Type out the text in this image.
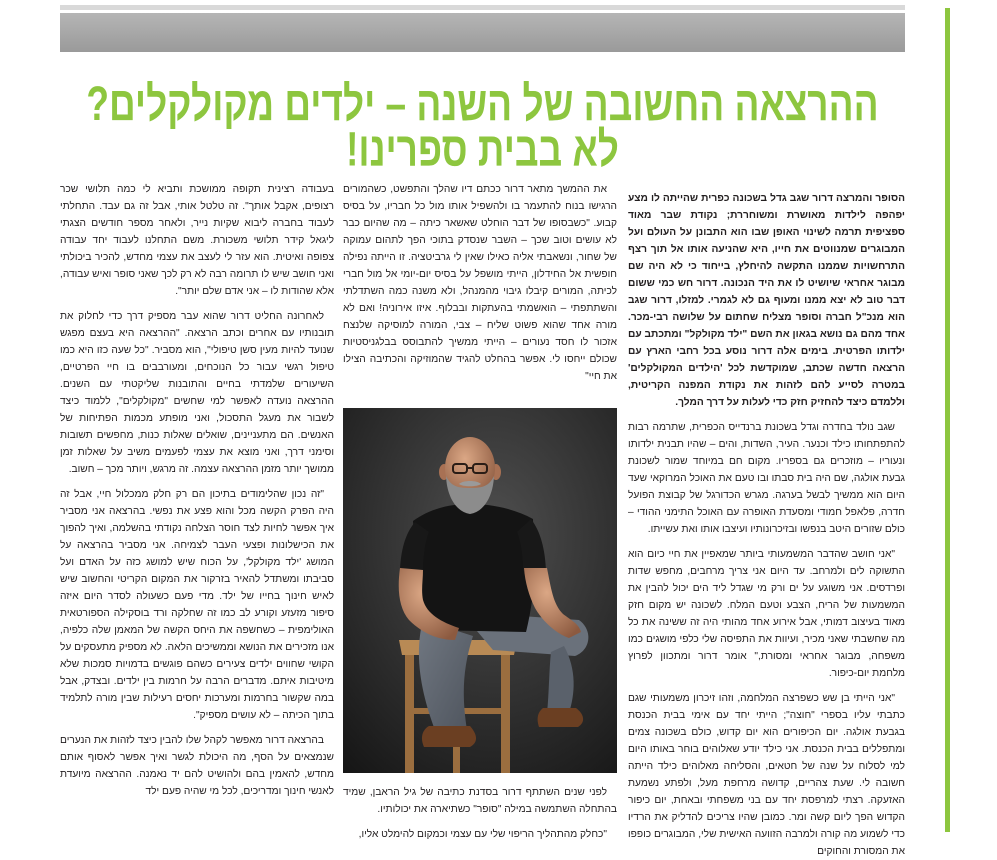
ההרצאה החשובה של השנה – ילדים מקולקלים?
לא בבית ספרינו!

הסופר והמרצה דרור שגב גדל בשכונה כפרית שהייתה לו מצע יפהפה לילדות מאושרת ומשוחררת; נקודת שבר מאוד ספציפית תרמה לשינוי האופן שבו הוא התבונן על העולם ועל המבוגרים שמנווטים את חייו, היא שהניעה אותו אל תוך רצף התרחשויות שממנו התקשה להיחלץ, בייחוד כי לא היה שם מבוגר אחראי שיושיט לו את היד הנכונה. דרור חש כמי ששום דבר טוב לא יצא ממנו ומעוף גם לא לגמרי. למזלו, דרור שגב הוא מנכ"ל חברה וסופר מצליח שחתום על שלושה רבי-מכר. אחד מהם גם נושא בגאון את השם "ילד מקולקל" ומתכתב עם ילדותו הפרטית. בימים אלה דרור נוסע בכל רחבי הארץ עם הרצאה חדשה שכתב, שמוקדשת לכל 'הילדים המקולקלים' במטרה לסייע להם לזהות את נקודת המפנה הקריטית, וללמדם כיצד להחזיק חזק כדי לעלות על דרך המלך.

שגב נולד בחדרה וגדל בשכונת ברנדייס הכפרית, שתרמה רבות להתפתחותו כילד וכנער. העיר, השדות, והים – שהיו תבנית ילדותו ונעוריו – מוזכרים גם בספריו. מקום חם במיוחד שמור לשכונת גבעת אולגה, שם היה בית סבתו ובו טעם את האוכל המרוקאי שעד היום הוא ממשיך לבשל בערגה. מגרש הכדורגל של קבוצת הפועל חדרה, פלאפל חמודי ומסעדת האופרה עם האוכל התימני ההודי – כולם שזורים היטב בנפשו ובזיכרונותיו ועיצבו אותו ואת עשייתו.

"אני חושב שהדבר המשמעותי ביותר שמאפיין את חיי כיום הוא התשוקה לים ולמרחב. עד היום אני צריך מרחבים, מחפש שדות ופרדסים. אני משוגע על ים ורק מי שגדל ליד הים יכול להבין את המשמעות של הריח, הצבע וטעם המלח. לשכונה יש מקום חזק מאוד בעיצוב דמותי, אבל אירוע אחד מהותי היה זה ששינה את כל מה שחשבתי שאני מכיר, ועיוות את התפיסה שלי כלפי מושגים כמו משפחה, מבוגר אחראי ומסורת," אומר דרור ומתכוון לפרוץ מלחמת יום-כיפור.

"אני הייתי בן שש כשפרצה המלחמה, וזהו זיכרון משמעותי שגם כתבתי עליו בספרי "חוצה"; הייתי יחד עם אימי בבית הכנסת בגבעת אולגה. יום הכיפורים הוא יום קדוש, כולם בשכונה צמים ומתפללים בבית הכנסת. אני כילד יודע שאלוהים בוחר באותו היום למי לסלוח על שנה של חטאים, והסליחה מאלוהים כילד הייתה חשובה לי. שעת צהריים, קדושה מרחפת מעל, ולפתע נשמעת האזעקה. רצתי למרפסת יחד עם בני משפחתי ובאחת, יום כיפור הקדוש הפך ליום קשה ומר. כמובן שהיו צריכים להדליק את הרדיו כדי לשמוע מה קורה ולמרבה הזוועה האישית שלי, המבוגרים כופפו את המסורת והחוקים

את ההמשך מתאר דרור ככתם דיו שהלך והתפשט, כשהמורים הרגישו בנוח להתעמר בו ולהשפיל אותו מול כל חבריו, על בסיס קבוע. "כשבסופו של דבר הוחלט שאשאר כיתה – מה שהיום כבר לא עושים וטוב שכך – השבר שנסדק בתוכי הפך לתהום עמוקה של שחור, ונשאבתי אליה כאילו שאין לי גרביטציה. זו הייתה נפילה חופשית אל החידלון, הייתי מושפל על בסיס יום-יומי אל מול חברי לכיתה, המורים קיבלו גיבוי מהמנהל, ולא משנה כמה השתדלתי והשתתפתי – הואשמתי בהעתקות ובבלוף. איזו אירוניה! ואם לא מורה אחד שהוא פשוט שליח – צבי, המורה למוסיקה שלנצח אזכור לו חסד נעורים – הייתי ממשיך להתבוסס בבלגניסטיות שכולם ייחסו לי. אפשר בהחלט להגיד שהמוזיקה והכתיבה הצילו את חיי"

לפני שנים השתתף דרור בסדנת כתיבה של גיל הראבן, שמיד בהתחלה השתמשה במילה "סופר" כשתיארה את יכולותיו.

"כחלק מהתהליך הריפוי שלי עם עצמי וכמקום להימלט אליו,

בעבודה רצינית תקופה ממושכת ותביא לי כמה תלושי שכר רצופים, אקבל אותך". זה טלטל אותי, אבל זה גם עבד. התחלתי לעבוד בחברה ליבוא שקיות נייר, ולאחר מספר חודשים הצגתי ליגאל קידר תלושי משכורת. משם התחלנו לעבוד יחד עבודה צפופה ואיטית. הוא עזר לי לעצב את עצמי מחדש, להכיר ביכולתי ואני חושב שיש לו תרומה רבה לא רק לכך שאני סופר ואיש עבודה, אלא שהודות לו – אני אדם שלם יותר".

לאחרונה החליט דרור שהוא עבר מספיק דרך כדי לחלוק את תובנותיו עם אחרים וכתב הרצאה. "ההרצאה היא בעצם מפגש שנועד להיות מעין סשן טיפולי", הוא מסביר. "כל שעה כזו היא כמו טיפול רגשי עבור כל הנוכחים, ומעורבבים בו חיי הפרטיים, השיעורים שלמדתי בחיים והתובנות שליקטתי עם השנים. ההרצאה נועדה לאפשר למי שחשים "מקולקלים", ללמוד כיצד לשבור את מעגל התסכול, ואני מופתע מכמות הפתיחות של האנשים. הם מתעניינים, שואלים שאלות כנות, מחפשים תשובות וסימני דרך, ואני מוצא את עצמי לפעמים משיב על שאלות זמן ממושך יותר מזמן ההרצאה עצמה. זה מרגש, ויותר מכך – חשוב.

"זה נכון שהלימודים בתיכון הם רק חלק ממכלול חיי, אבל זה היה הפרק הקשה מכל והוא פצע את נפשי. בהרצאה אני מסביר איך אפשר לחיות לצד חוסר הצלחה נקודתי בהשלמה, ואיך להפוך את הכישלונות ופצעי העבר לצמיחה. אני מסביר בהרצאה על המושג 'ילד מקולקל', על הכוח שיש למושג כזה על האדם ועל סביבתו ומשתדל להאיר בזרקור את המקום הקריטי והחשוב שיש לאיש חינוך בחייו של ילד. מדי פעם כשעולה לסדר היום איזה סיפור מזעזע וקורע לב כמו זה שחלקה ורד בוסקילה הספורטאית האולימפית – כשחשפה את היחס הקשה של המאמן שלה כלפיה, אנו מזכירים את הנושא וממשיכים הלאה. לא מספיק מתעסקים על הקושי שחווים ילדים צעירים כשהם פוגשים בדמויות סמכות שלא מיטיבות איתם. מדברים הרבה על חרמות בין ילדים. ובצדק, אבל במה שקשור בחרמות ומערכות יחסים רעילות שבין מורה לתלמיד בתוך הכיתה – לא עושים מספיק".

בהרצאה דרור מאפשר לקהל שלו להבין כיצד לזהות את הנערים שנמצאים על הסף, מה היכולת לגשר ואיך אפשר לאסוף אותם מחדש, להאמין בהם ולהושיט להם יד נאמנה. ההרצאה מיועדת לאנשי חינוך ומדריכים, לכל מי שהיה פעם ילד
